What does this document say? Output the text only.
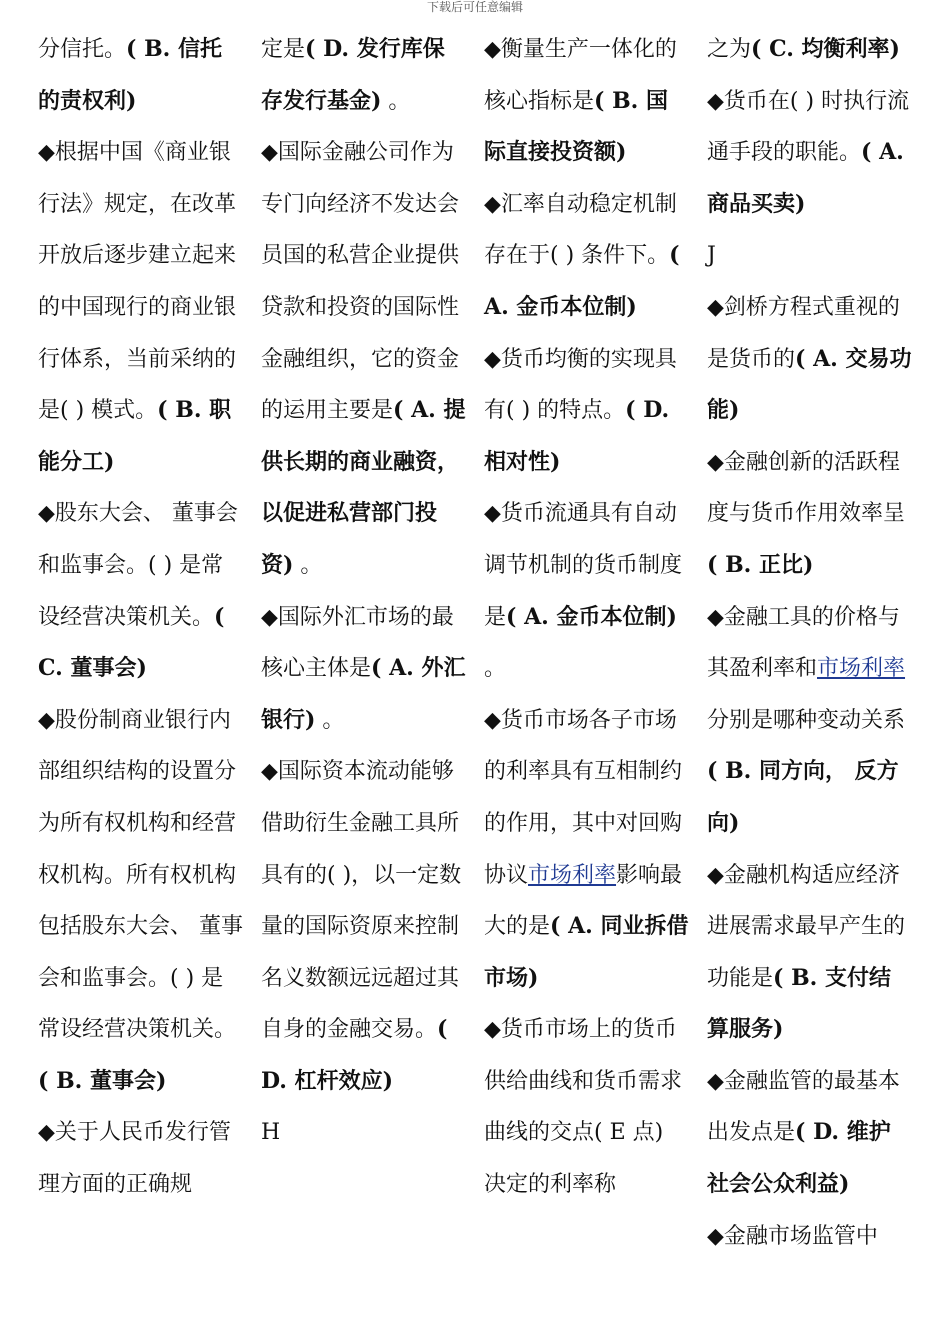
下载后可任意编辑
分信托。( B. 信托的责权利)
◆根据中国《商业银行法》规定，在改革开放后逐步建立起来的中国现行的商业银行体系，当前采纳的是( ) 模式。( B. 职能分工)
◆股东大会、 董事会和监事会。( ) 是常设经营决策机关。( C. 董事会)
◆股份制商业银行内部组织结构的设置分为所有权机构和经营权机构。所有权机构包括股东大会、 董事会和监事会。( ) 是常设经营决策机关。( B. 董事会)
◆关于人民币发行管理方面的正确规
定是( D. 发行库保存发行基金) 。
◆国际金融公司作为专门向经济不发达会员国的私营企业提供贷款和投资的国际性金融组织，它的资金的运用主要是( A. 提供长期的商业融资，以促进私营部门投资) 。
◆国际外汇市场的最核心主体是( A. 外汇银行) 。
◆国际资本流动能够借助衍生金融工具所具有的( )，以一定数量的国际资原来控制名义数额远远超过其自身的金融交易。( D. 杠杆效应)
H
◆衡量生产一体化的核心指标是( B. 国际直接投资额)
◆汇率自动稳定机制存在于( ) 条件下。( A. 金币本位制)
◆货币均衡的实现具有( ) 的特点。( D. 相对性)
◆货币流通具有自动调节机制的货币制度是( A. 金币本位制) 。
◆货币市场各子市场的利率具有互相制约的作用，其中对回购协议市场利率影响最大的是( A. 同业拆借市场)
◆货币市场上的货币供给曲线和货币需求曲线的交点( E 点) 决定的利率称
之为( C. 均衡利率)
◆货币在( ) 时执行流通手段的职能。( A. 商品买卖)
J
◆剑桥方程式重视的是货币的( A. 交易功能)
◆金融创新的活跃程度与货币作用效率呈( B. 正比)
◆金融工具的价格与其盈利率和市场利率分别是哪种变动关系( B. 同方向， 反方向)
◆金融机构适应经济进展需求最早产生的功能是( B. 支付结算服务)
◆金融监管的最基本出发点是( D. 维护社会公众利益)
◆金融市场监管中
